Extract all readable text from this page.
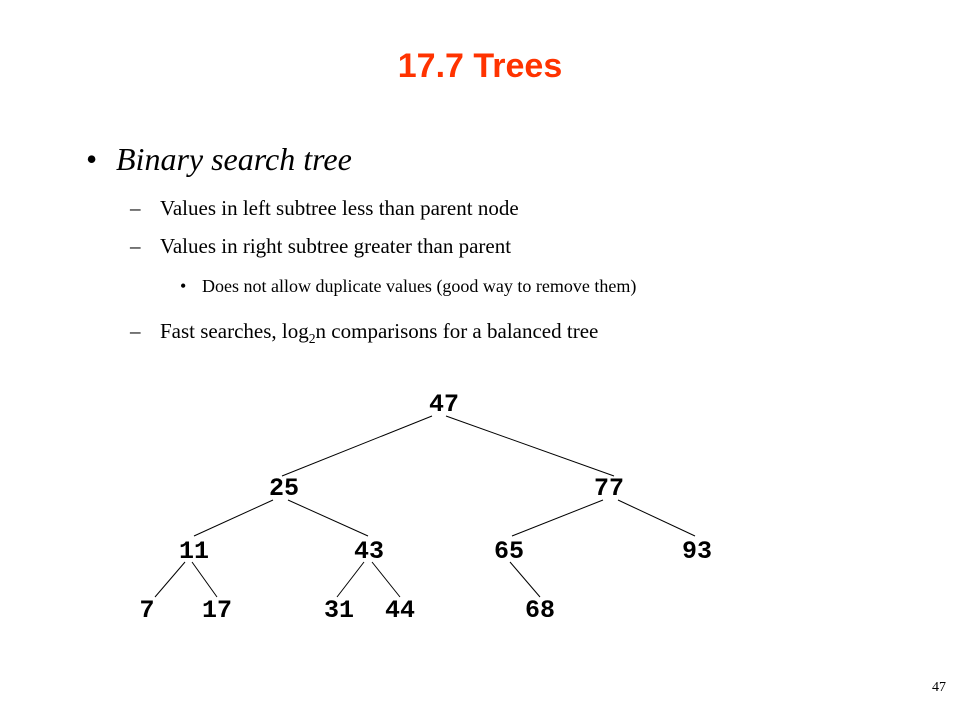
17.7 Trees
• Binary search tree
– Values in left subtree less than parent node
– Values in right subtree greater than parent
• Does not allow duplicate values (good way to remove them)
– Fast searches, $\log_2n$ comparisons for a balanced tree
47
25	77
11	43	65	93
7 17	31 44	68
47
